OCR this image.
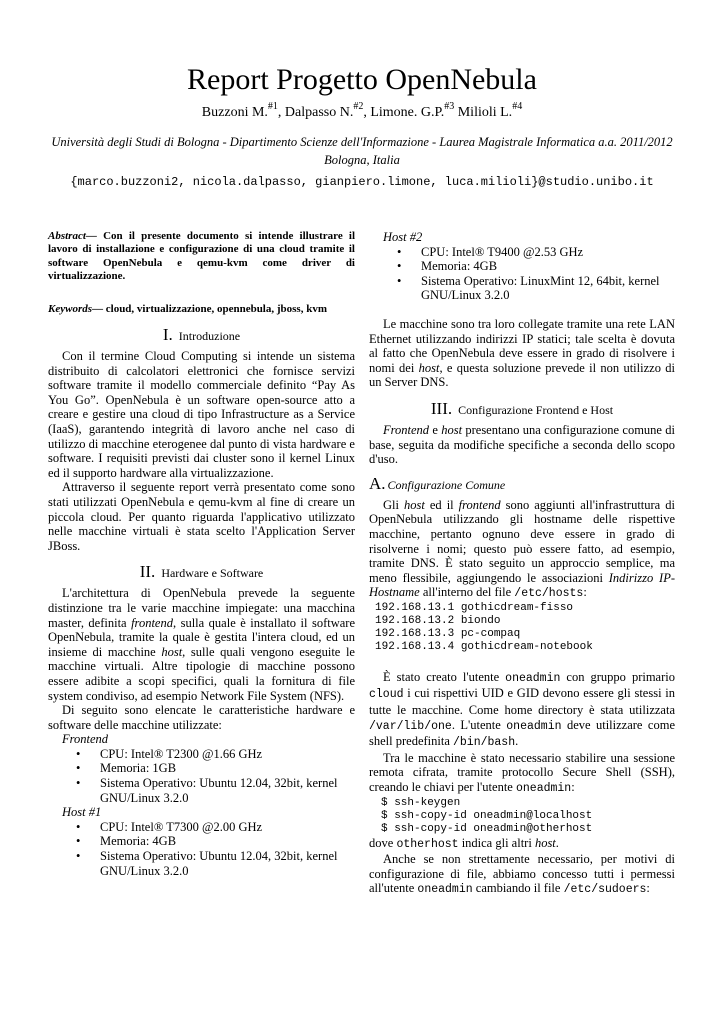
Report Progetto OpenNebula
Buzzoni M.$^{\#1}$, Dalpasso N.$^{\#2}$, Limone. G.P.$^{\#3}$ Milioli L.$^{\#4}$
Università degli Studi di Bologna - Dipartimento Scienze dell'Informazione - Laurea Magistrale Informatica a.a. 2011/2012
Bologna, Italia
{marco.buzzoni2, nicola.dalpasso, gianpiero.limone, luca.milioli}@studio.unibo.it

Abstract— Con il presente documento si intende illustrare il lavoro di installazione e configurazione di una cloud tramite il software OpenNebula e qemu-kvm come driver di virtualizzazione.

Keywords— cloud, virtualizzazione, opennebula, jboss, kvm

I. Introduzione

Con il termine Cloud Computing si intende un sistema distribuito di calcolatori elettronici che fornisce servizi software tramite il modello commerciale definito “Pay As You Go”. OpenNebula è un software open-source atto a creare e gestire una cloud di tipo Infrastructure as a Service (IaaS), garantendo integrità di lavoro anche nel caso di utilizzo di macchine eterogenee dal punto di vista hardware e software. I requisiti previsti dai cluster sono il kernel Linux ed il supporto hardware alla virtualizzazione.

Attraverso il seguente report verrà presentato come sono stati utilizzati OpenNebula e qemu-kvm al fine di creare un piccola cloud. Per quanto riguarda l'applicativo utilizzato nelle macchine virtuali è stata scelto l'Application Server JBoss.

II. Hardware e Software

L'architettura di OpenNebula prevede la seguente distinzione tra le varie macchine impiegate: una macchina master, definita frontend, sulla quale è installato il software OpenNebula, tramite la quale è gestita l'intera cloud, ed un insieme di macchine host, sulle quali vengono eseguite le macchine virtuali. Altre tipologie di macchine possono essere adibite a scopi specifici, quali la fornitura di file system condiviso, ad esempio Network File System (NFS).

Di seguito sono elencate le caratteristiche hardware e software delle macchine utilizzate:

Frontend
• CPU: Intel® T2300 @1.66 GHz
• Memoria: 1GB
• Sistema Operativo: Ubuntu 12.04, 32bit, kernel GNU/Linux 3.2.0
Host #1
• CPU: Intel® T7300 @2.00 GHz
• Memoria: 4GB
• Sistema Operativo: Ubuntu 12.04, 32bit, kernel GNU/Linux 3.2.0
Host #2
• CPU: Intel® T9400 @2.53 GHz
• Memoria: 4GB
• Sistema Operativo: LinuxMint 12, 64bit, kernel GNU/Linux 3.2.0

Le macchine sono tra loro collegate tramite una rete LAN Ethernet utilizzando indirizzi IP statici; tale scelta è dovuta al fatto che OpenNebula deve essere in grado di risolvere i nomi dei host, e questa soluzione prevede il non utilizzo di un Server DNS.

III. Configurazione Frontend e Host

Frontend e host presentano una configurazione comune di base, seguita da modifiche specifiche a seconda dello scopo d'uso.

A. Configurazione Comune

Gli host ed il frontend sono aggiunti all'infrastruttura di OpenNebula utilizzando gli hostname delle rispettive macchine, pertanto ognuno deve essere in grado di risolverne i nomi; questo può essere fatto, ad esempio, tramite DNS. È stato seguito un approccio semplice, ma meno flessibile, aggiungendo le associazioni Indirizzo IP-Hostname all'interno del file /etc/hosts:

192.168.13.1 gothicdream-fisso
192.168.13.2 biondo
192.168.13.3 pc-compaq
192.168.13.4 gothicdream-notebook

È stato creato l'utente oneadmin con gruppo primario cloud i cui rispettivi UID e GID devono essere gli stessi in tutte le macchine. Come home directory è stata utilizzata /var/lib/one. L'utente oneadmin deve utilizzare come shell predefinita /bin/bash.

Tra le macchine è stato necessario stabilire una sessione remota cifrata, tramite protocollo Secure Shell (SSH), creando le chiavi per l'utente oneadmin:

$ ssh-keygen
$ ssh-copy-id oneadmin@localhost
$ ssh-copy-id oneadmin@otherhost

dove otherhost indica gli altri host.

Anche se non strettamente necessario, per motivi di configurazione di file, abbiamo concesso tutti i permessi all'utente oneadmin cambiando il file /etc/sudoers:
